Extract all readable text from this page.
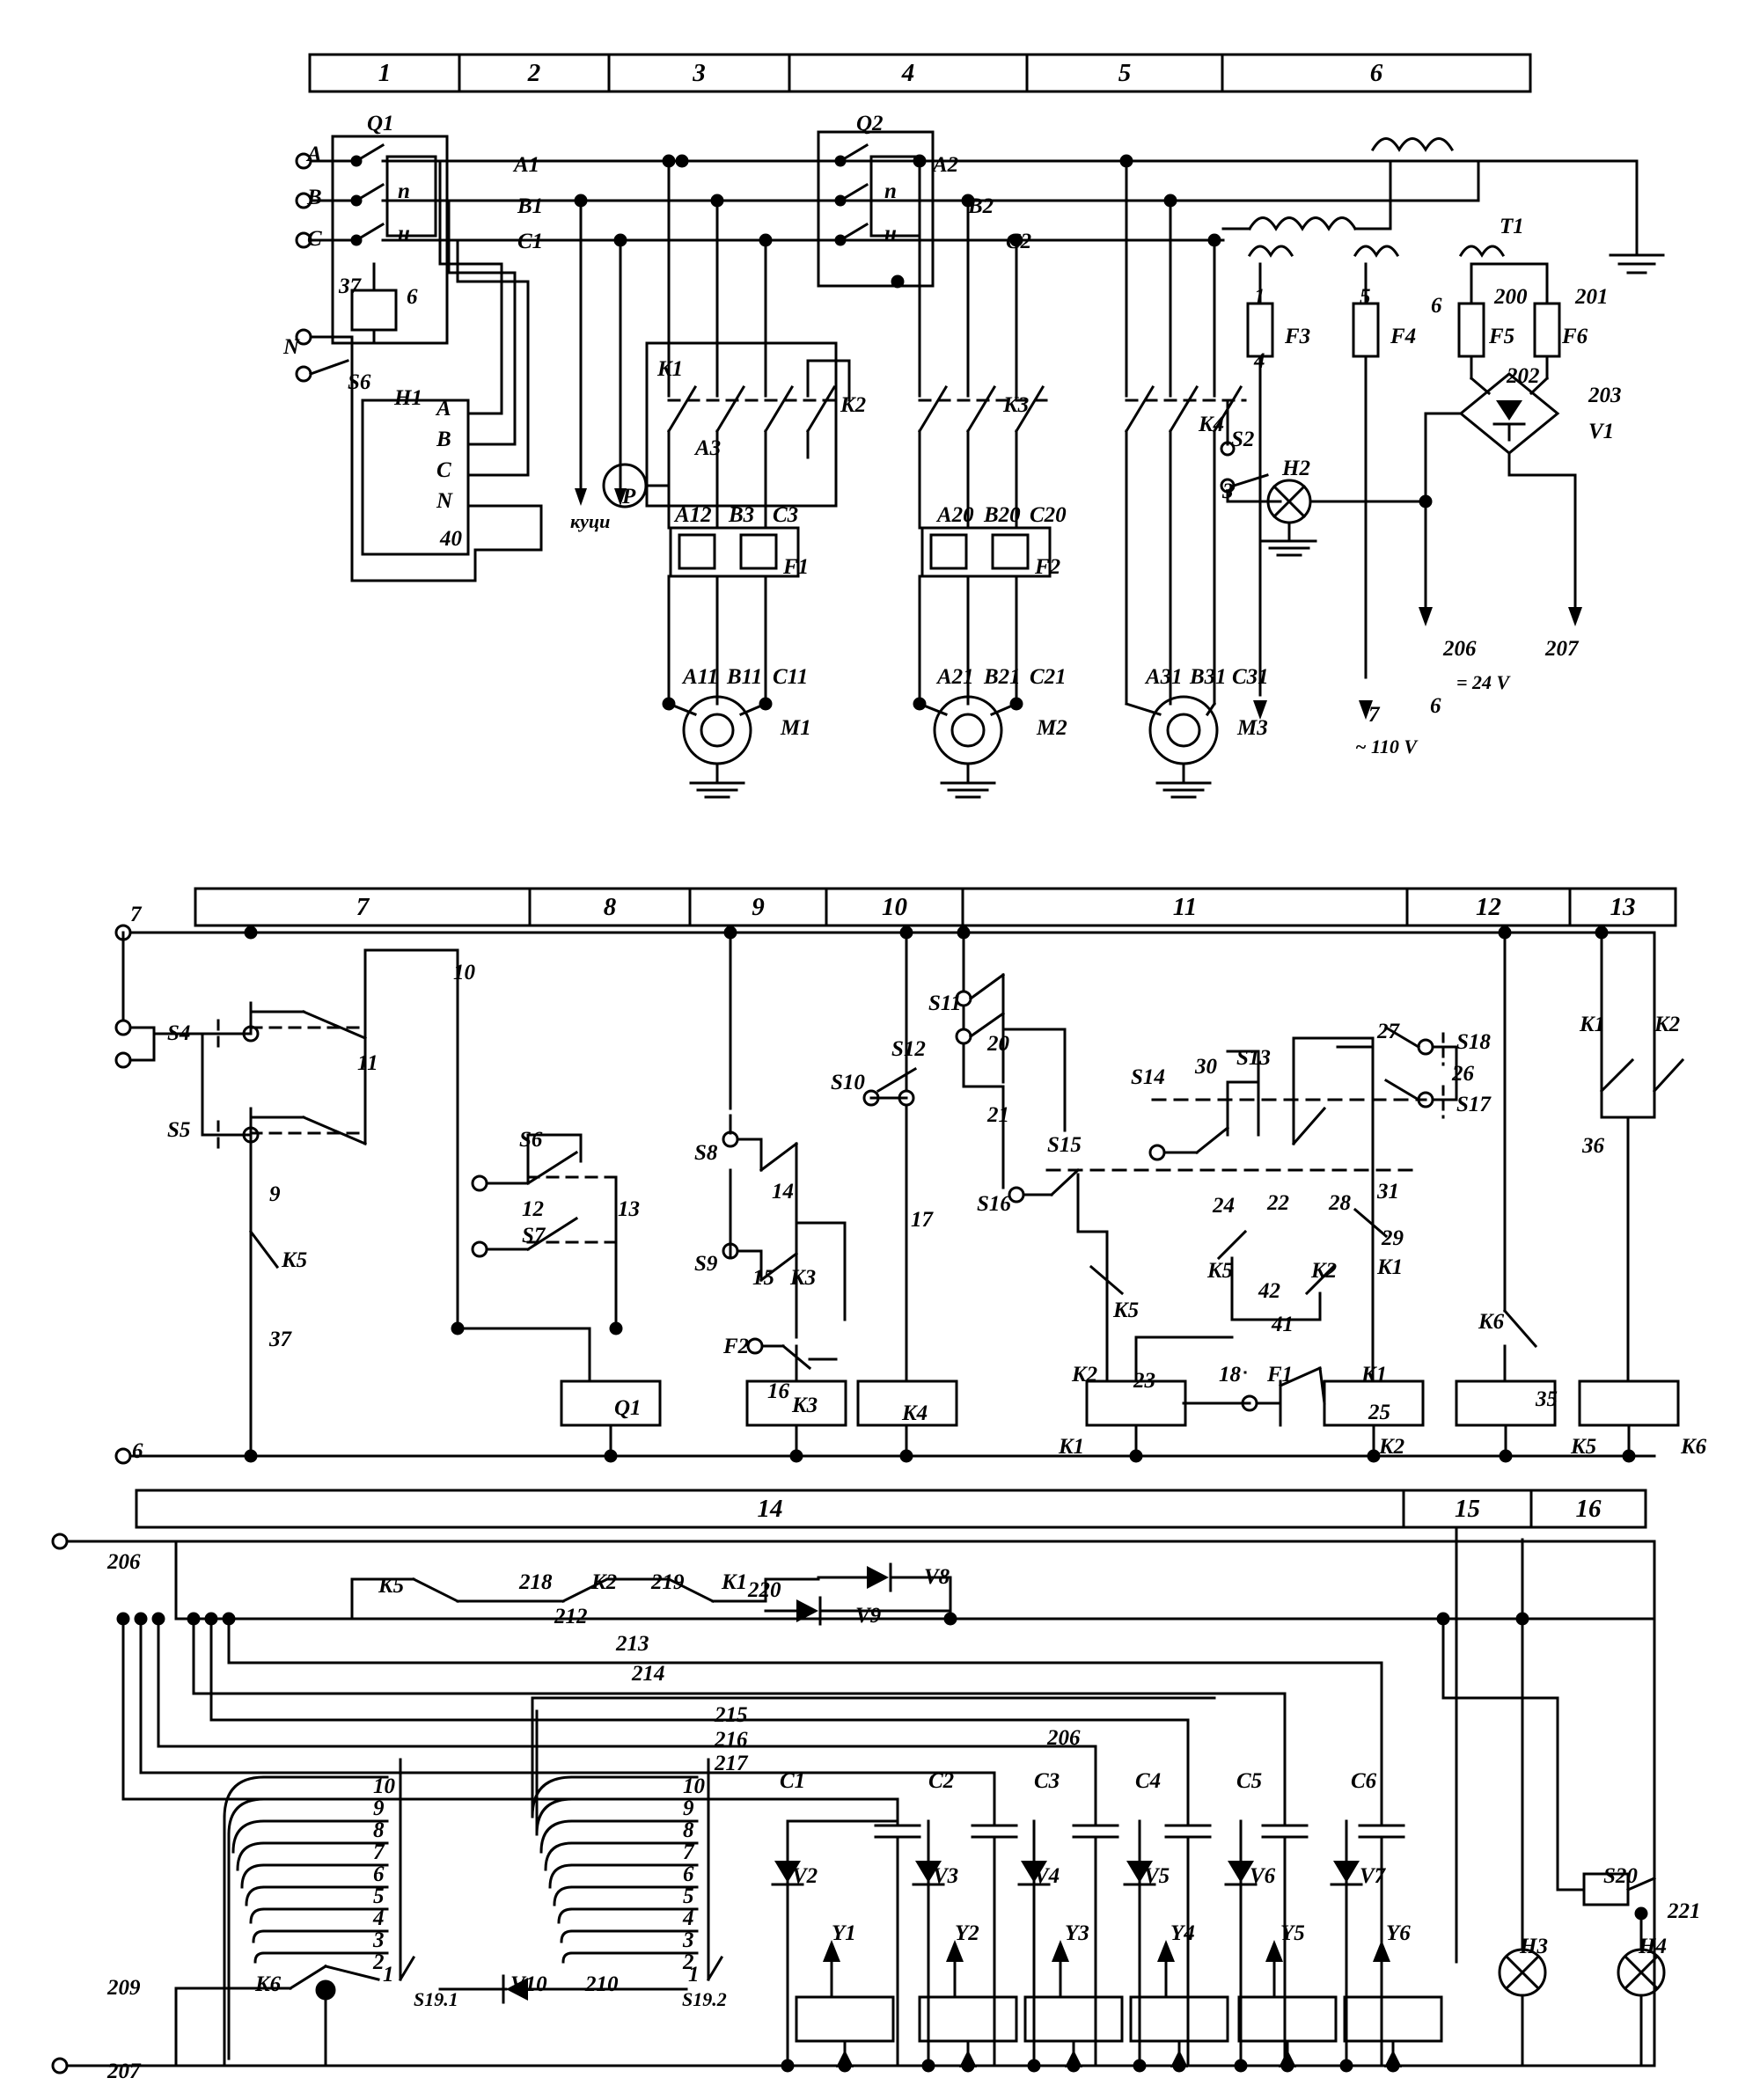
1	2	3	4	5	6
7	8	9	10	11	12	13
14	15	16
Q1	Q2
A
B
C
п
н
п
н
37 6
A1
B1
C1
A2
B2
C2
T1
N
S6
H1 A
B
C
N
40
куци
K1
K2	K3
K4
A3
P
A12 B3 C3
F1
A20 B20 C20
F2
S2
H2
3
1
F3
4
5
F4
6 200 201
F5 F6
202
203
V1
206	207
= 24 V
7 6
~ 110 V
A11 B11 C11
M1
A21 B21 C21
M2
A31 B31 C31
M3
7
S4
S5
11
9
K5
37
10
S6
12
S7
13
S8
S9
14
15 K3
F2
16
K3
S10
17
S11
S12	20
21
S15
S16
S14 30 S13
27	S18
26
S17
24 22 28 31
29
K1
K5
42
K2
41
K5
K2 23	18 F1	K1
25
K1	K2
K6
35
K5	K6
K1 K2
36
Q1	K4
6
206
K5	218 K2 219 K1 220
212
V8
V9
213
214
215
216
217
206
C1	C2	C3	C4	C5	C6
V2	V3	V4	V5	V6	V7
Y1	Y2	Y3	Y4	Y5	Y6
S20
221
H3	H4
209	K6	1
S19.1
V10 210	1
S19.2
207
10
9
8
7
6
5
4
3
2
10
9
8
7
6
5
4
3
2
